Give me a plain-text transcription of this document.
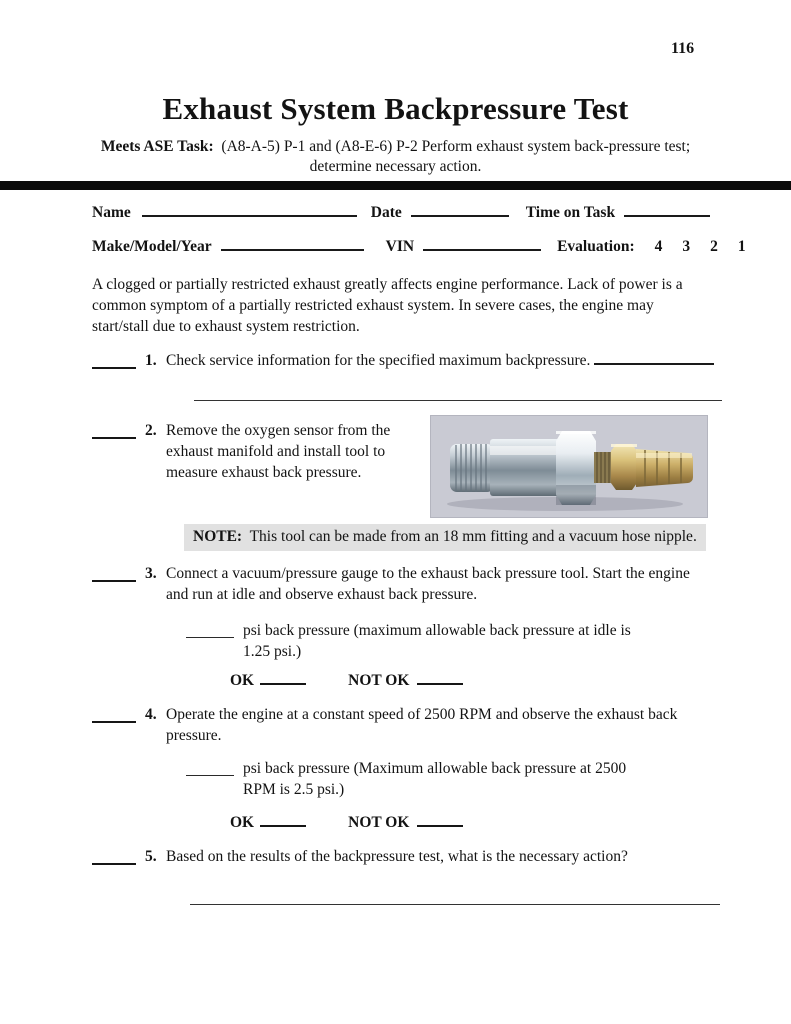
116
Exhaust System Backpressure Test
Meets ASE Task: (A8-A-5) P-1 and (A8-E-6) P-2 Perform exhaust system back-pressure test;
determine necessary action.
Name	Date	Time on Task
Make/Model/Year	VIN	Evaluation: 4 3 2 1
A clogged or partially restricted exhaust greatly affects engine performance. Lack of power is a common symptom of a partially restricted exhaust system. In severe cases, the engine may start/stall due to exhaust system restriction.
1. Check service information for the specified maximum backpressure.
2. Remove the oxygen sensor from the exhaust manifold and install tool to measure exhaust back pressure.
NOTE: This tool can be made from an 18 mm fitting and a vacuum hose nipple.
3. Connect a vacuum/pressure gauge to the exhaust back pressure tool. Start the engine and run at idle and observe exhaust back pressure.
psi back pressure (maximum allowable back pressure at idle is 1.25 psi.)
OK	NOT OK
4. Operate the engine at a constant speed of 2500 RPM and observe the exhaust back pressure.
psi back pressure (Maximum allowable back pressure at 2500 RPM is 2.5 psi.)
OK	NOT OK
5. Based on the results of the backpressure test, what is the necessary action?
